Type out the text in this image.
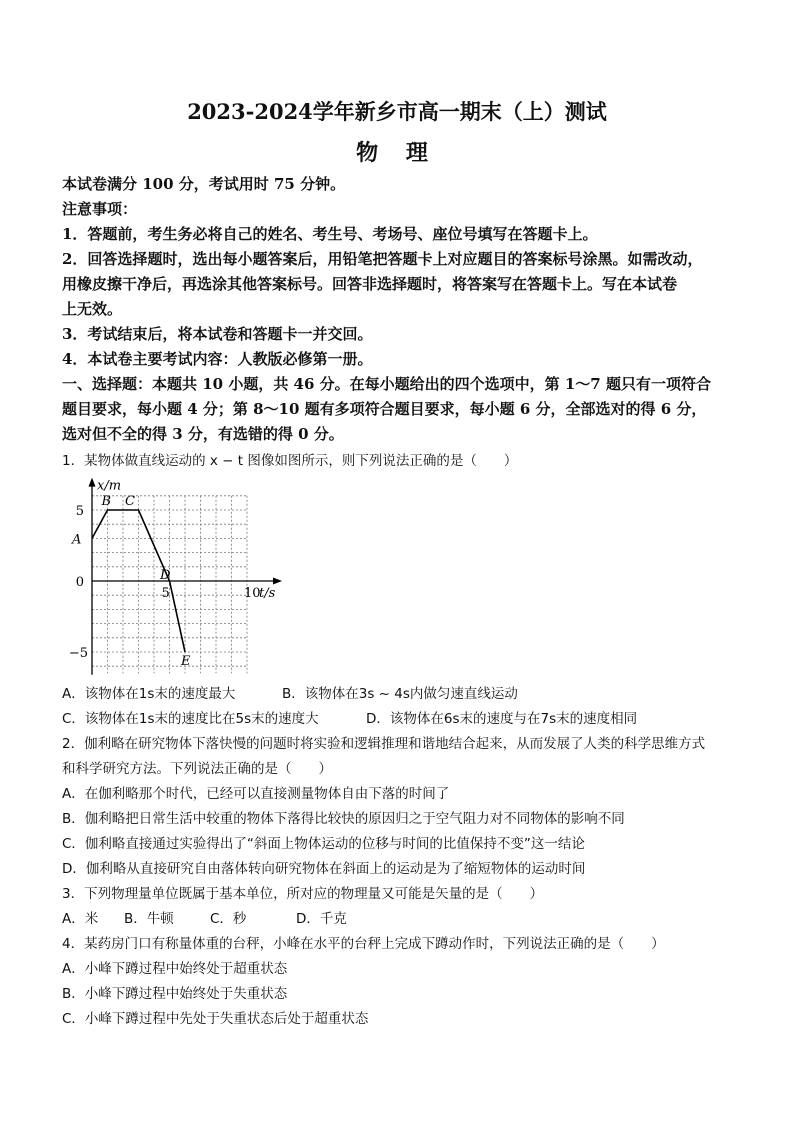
2023-2024学年新乡市高一期末（上）测试
物 理
本试卷满分 100 分，考试用时 75 分钟。
注意事项：
1．答题前，考生务必将自己的姓名、考生号、考场号、座位号填写在答题卡上。
2．回答选择题时，选出每小题答案后，用铅笔把答题卡上对应题目的答案标号涂黑。如需改动，
用橡皮擦干净后，再选涂其他答案标号。回答非选择题时，将答案写在答题卡上。写在本试卷
上无效。
3．考试结束后，将本试卷和答题卡一并交回。
4．本试卷主要考试内容：人教版必修第一册。
一、选择题：本题共 10 小题，共 46 分。在每小题给出的四个选项中，第 1～7 题只有一项符合
题目要求，每小题 4 分；第 8～10 题有多项符合题目要求，每小题 6 分，全部选对的得 6 分，
选对但不全的得 3 分，有选错的得 0 分。
1．某物体做直线运动的 x − t 图像如图所示，则下列说法正确的是（　　）
x/m
t/s
5
0
−5
5	10
A
B C
D
E
A．该物体在1s末的速度最大	B．该物体在3s ~ 4s内做匀速直线运动
C．该物体在1s末的速度比在5s末的速度大	D．该物体在6s末的速度与在7s末的速度相同
2．伽利略在研究物体下落快慢的问题时将实验和逻辑推理和谐地结合起来，从而发展了人类的科学思维方式
和科学研究方法。下列说法正确的是（　　）
A．在伽利略那个时代，已经可以直接测量物体自由下落的时间了
B．伽利略把日常生活中较重的物体下落得比较快的原因归之于空气阻力对不同物体的影响不同
C．伽利略直接通过实验得出了“斜面上物体运动的位移与时间的比值保持不变”这一结论
D．伽利略从直接研究自由落体转向研究物体在斜面上的运动是为了缩短物体的运动时间
3．下列物理量单位既属于基本单位，所对应的物理量又可能是矢量的是（　　）
A．米 B．牛顿	C．秒	D．千克
4．某药房门口有称量体重的台秤，小峰在水平的台秤上完成下蹲动作时，下列说法正确的是（　　）
A．小峰下蹲过程中始终处于超重状态
B．小峰下蹲过程中始终处于失重状态
C．小峰下蹲过程中先处于失重状态后处于超重状态
